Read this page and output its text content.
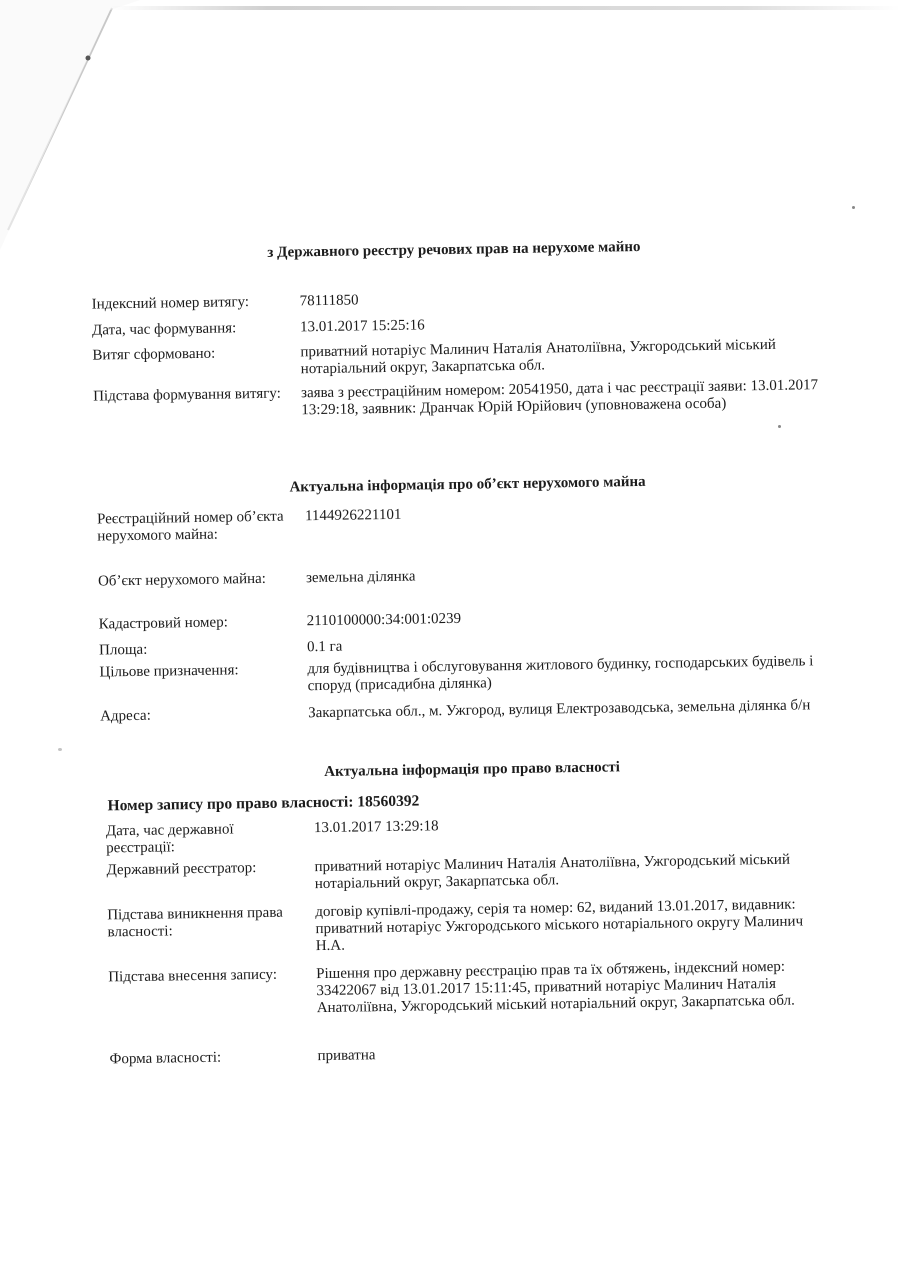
з Державного реєстру речових прав на нерухоме майно
Індексний номер витягу:	78111850
Дата, час формування:	13.01.2017 15:25:16
Витяг сформовано:	приватний нотаріус Малинич Наталія Анатоліївна, Ужгородський міський нотаріальний округ, Закарпатська обл.
Підстава формування витягу: заява з реєстраційним номером: 20541950, дата і час реєстрації заяви: 13.01.2017 13:29:18, заявник: Дранчак Юрій Юрійович (уповноважена особа)
Актуальна інформація про об’єкт нерухомого майна
Реєстраційний номер об’єкта нерухомого майна:
1144926221101
Об’єкт нерухомого майна:	земельна ділянка
Кадастровий номер:	2110100000:34:001:0239
Площа:	0.1 га
Цільове призначення:	для будівництва і обслуговування житлового будинку, господарських будівель і споруд (присадибна ділянка)
Адреса:	Закарпатська обл., м. Ужгород, вулиця Електрозаводська, земельна ділянка б/н
Актуальна інформація про право власності
Номер запису про право власності: 18560392
Дата, час державної реєстрації:
13.01.2017 13:29:18
Державний реєстратор:	приватний нотаріус Малинич Наталія Анатоліївна, Ужгородський міський нотаріальний округ, Закарпатська обл.
Підстава виникнення права власності:
договір купівлі-продажу, серія та номер: 62, виданий 13.01.2017, видавник: приватний нотаріус Ужгородського міського нотаріального округу Малинич Н.А.
Підстава внесення запису:	Рішення про державну реєстрацію прав та їх обтяжень, індексний номер: 33422067 від 13.01.2017 15:11:45, приватний нотаріус Малинич Наталія Анатоліївна, Ужгородський міський нотаріальний округ, Закарпатська обл.
Форма власності:	приватна
